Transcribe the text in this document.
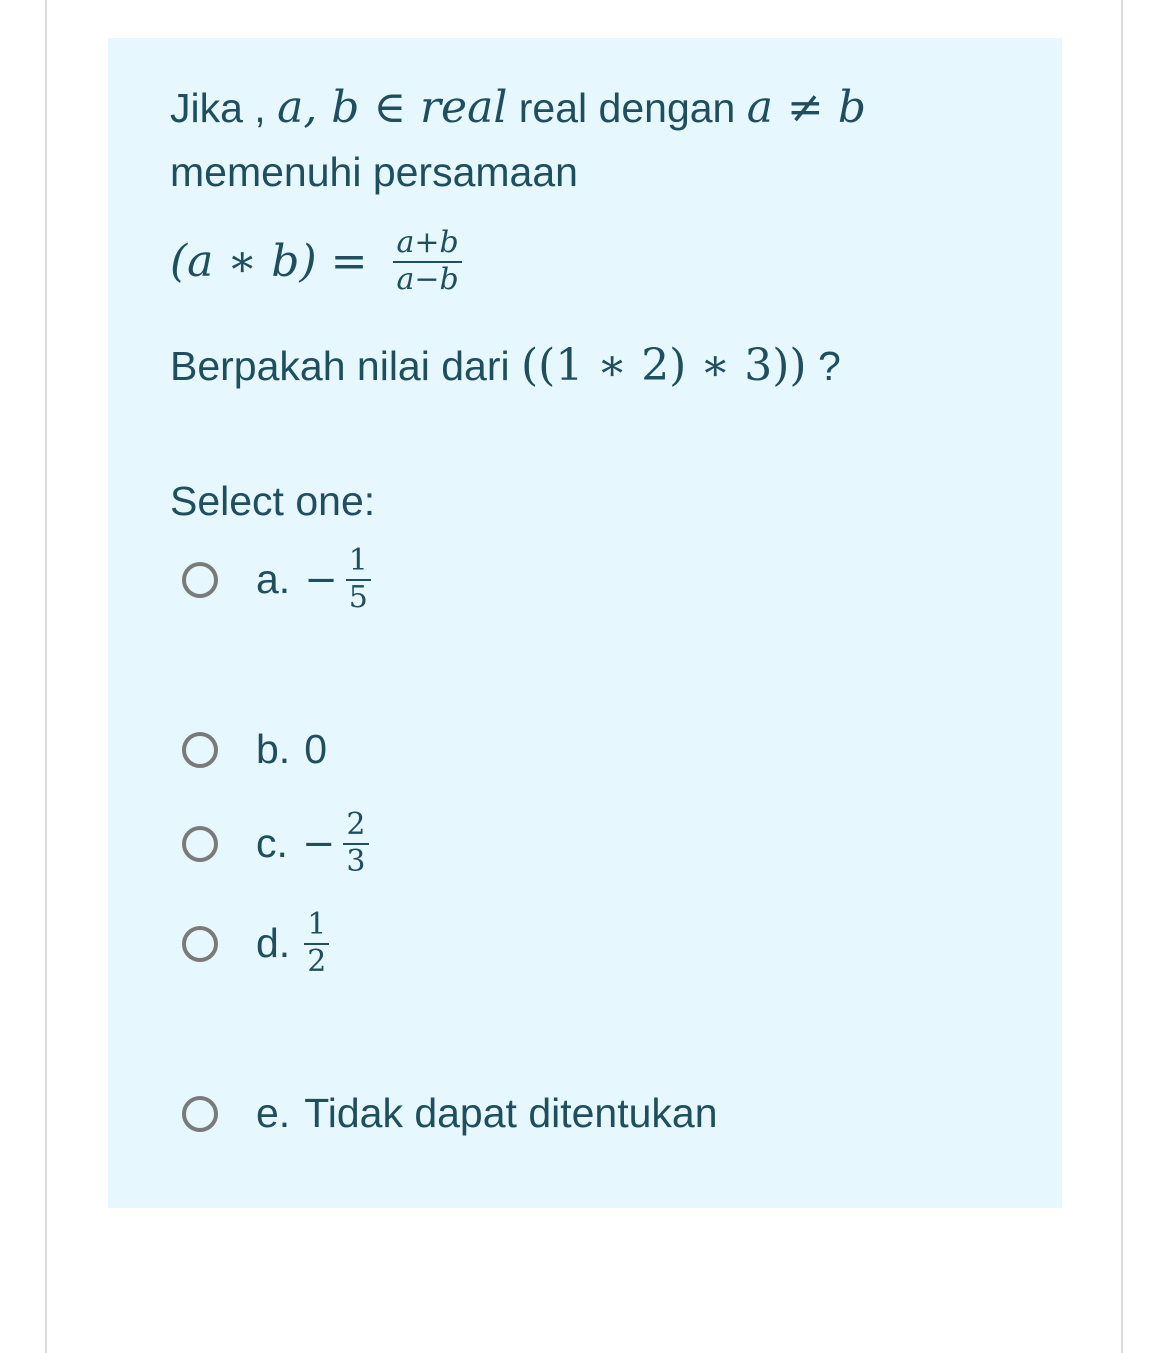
Jika , a, b ∈ real real dengan a ≠ b
memenuhi persamaan
(a ∗ $b) = \frac{a+b}{a-b}$
Berpakah nilai dari ((1 ∗ 2) ∗ 3)) ?
Select one:
a. − $\frac{1}{5}$
b. 0
c. − $\frac{2}{3}$
d. $\frac{1}{2}$
e. Tidak dapat ditentukan
